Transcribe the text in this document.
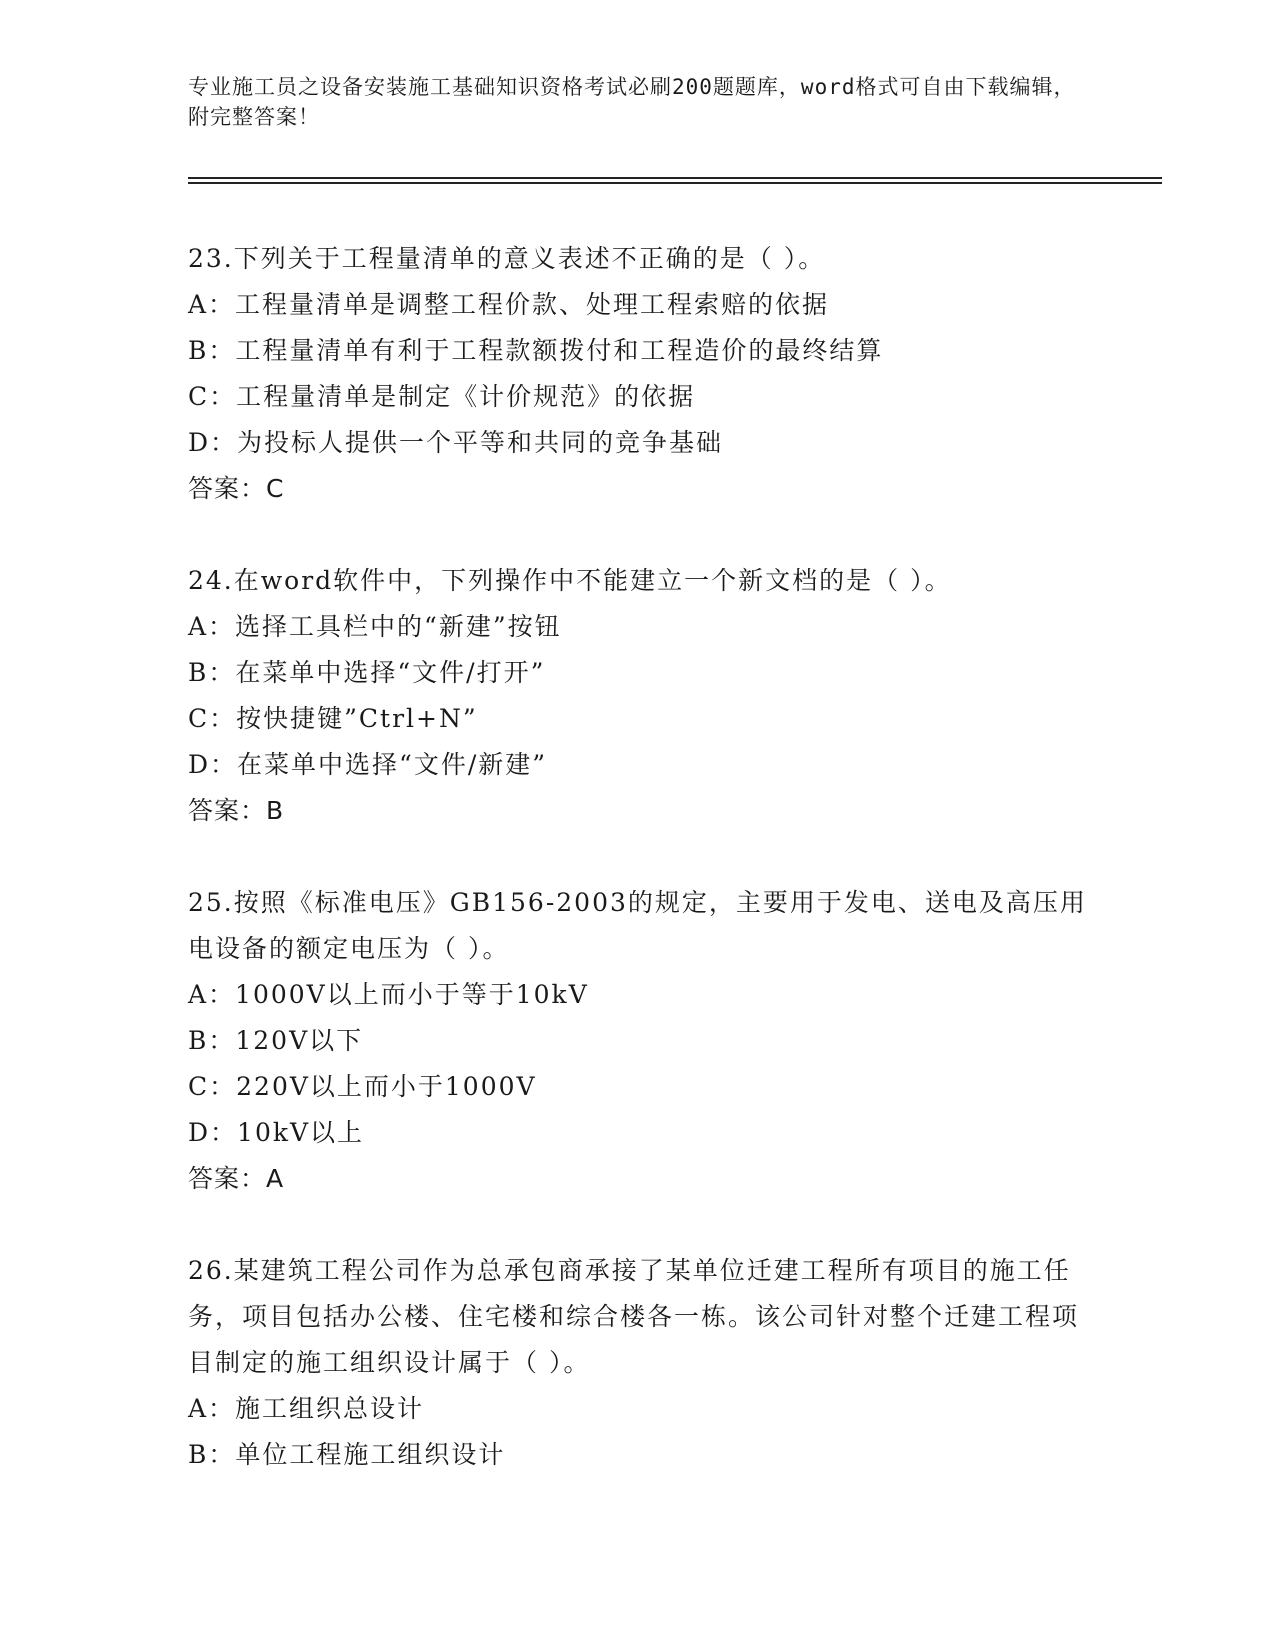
专业施工员之设备安装施工基础知识资格考试必刷200题题库，word格式可自由下载编辑，附完整答案！

23.下列关于工程量清单的意义表述不正确的是（ ）。

A：工程量清单是调整工程价款、处理工程索赔的依据

B：工程量清单有利于工程款额拨付和工程造价的最终结算

C：工程量清单是制定《计价规范》的依据

D：为投标人提供一个平等和共同的竞争基础

答案：C

24.在word软件中，下列操作中不能建立一个新文档的是（ ）。

A：选择工具栏中的“新建”按钮

B：在菜单中选择“文件/打开”

C：按快捷键”Ctrl+N”

D：在菜单中选择“文件/新建”

答案：B

25.按照《标准电压》GB156-2003的规定，主要用于发电、送电及高压用电设备的额定电压为（ ）。

A：1000V以上而小于等于10kV

B：120V以下

C：220V以上而小于1000V

D：10kV以上

答案：A

26.某建筑工程公司作为总承包商承接了某单位迁建工程所有项目的施工任务，项目包括办公楼、住宅楼和综合楼各一栋。该公司针对整个迁建工程项目制定的施工组织设计属于（ ）。

A：施工组织总设计

B：单位工程施工组织设计
